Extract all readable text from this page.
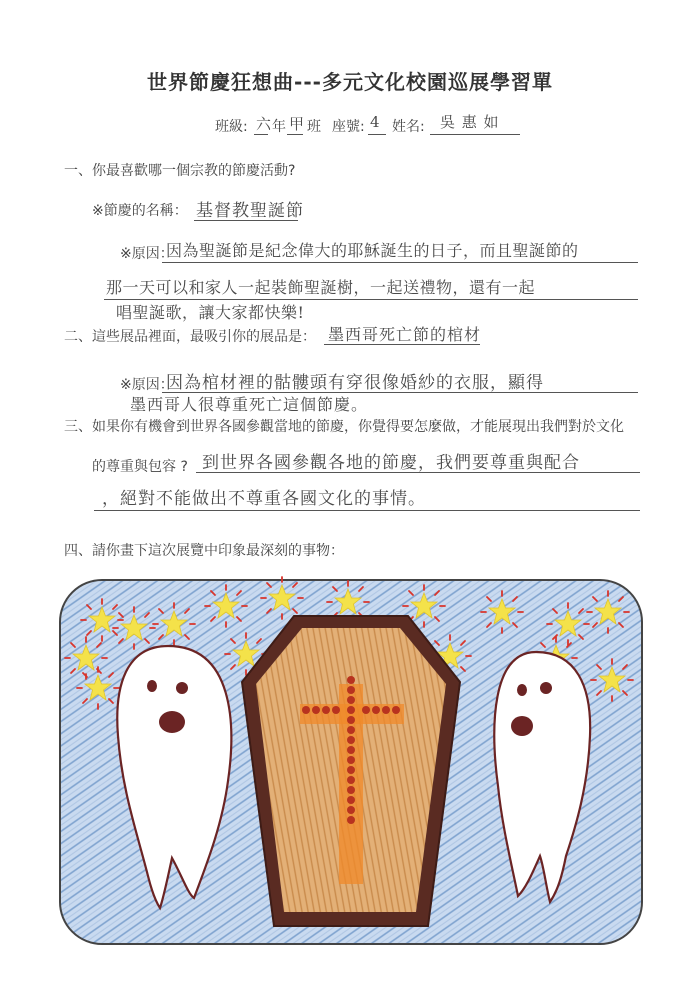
世界節慶狂想曲---多元文化校園巡展學習單
班級: 六 年 甲 班 座號: 4 姓名: 吳 惠 如
一、你最喜歡哪一個宗教的節慶活動?
※節慶的名稱： 基督教聖誕節
※原因：
因為聖誕節是紀念偉大的耶穌誕生的日子，而且聖誕節的
那一天可以和家人一起裝飾聖誕樹，一起送禮物，還有一起
唱聖誕歌，讓大家都快樂!
二、這些展品裡面，最吸引你的展品是： 墨西哥死亡節的棺材
※原因：
因為棺材裡的骷髏頭有穿很像婚紗的衣服，顯得
墨西哥人很尊重死亡這個節慶。
三、如果你有機會到世界各國參觀當地的節慶，你覺得要怎麼做，才能展現出我們對於文化
的尊重與包容 ? 到世界各國參觀各地的節慶，我們要尊重與配合
，絕對不能做出不尊重各國文化的事情。
四、請你畫下這次展覽中印象最深刻的事物：
